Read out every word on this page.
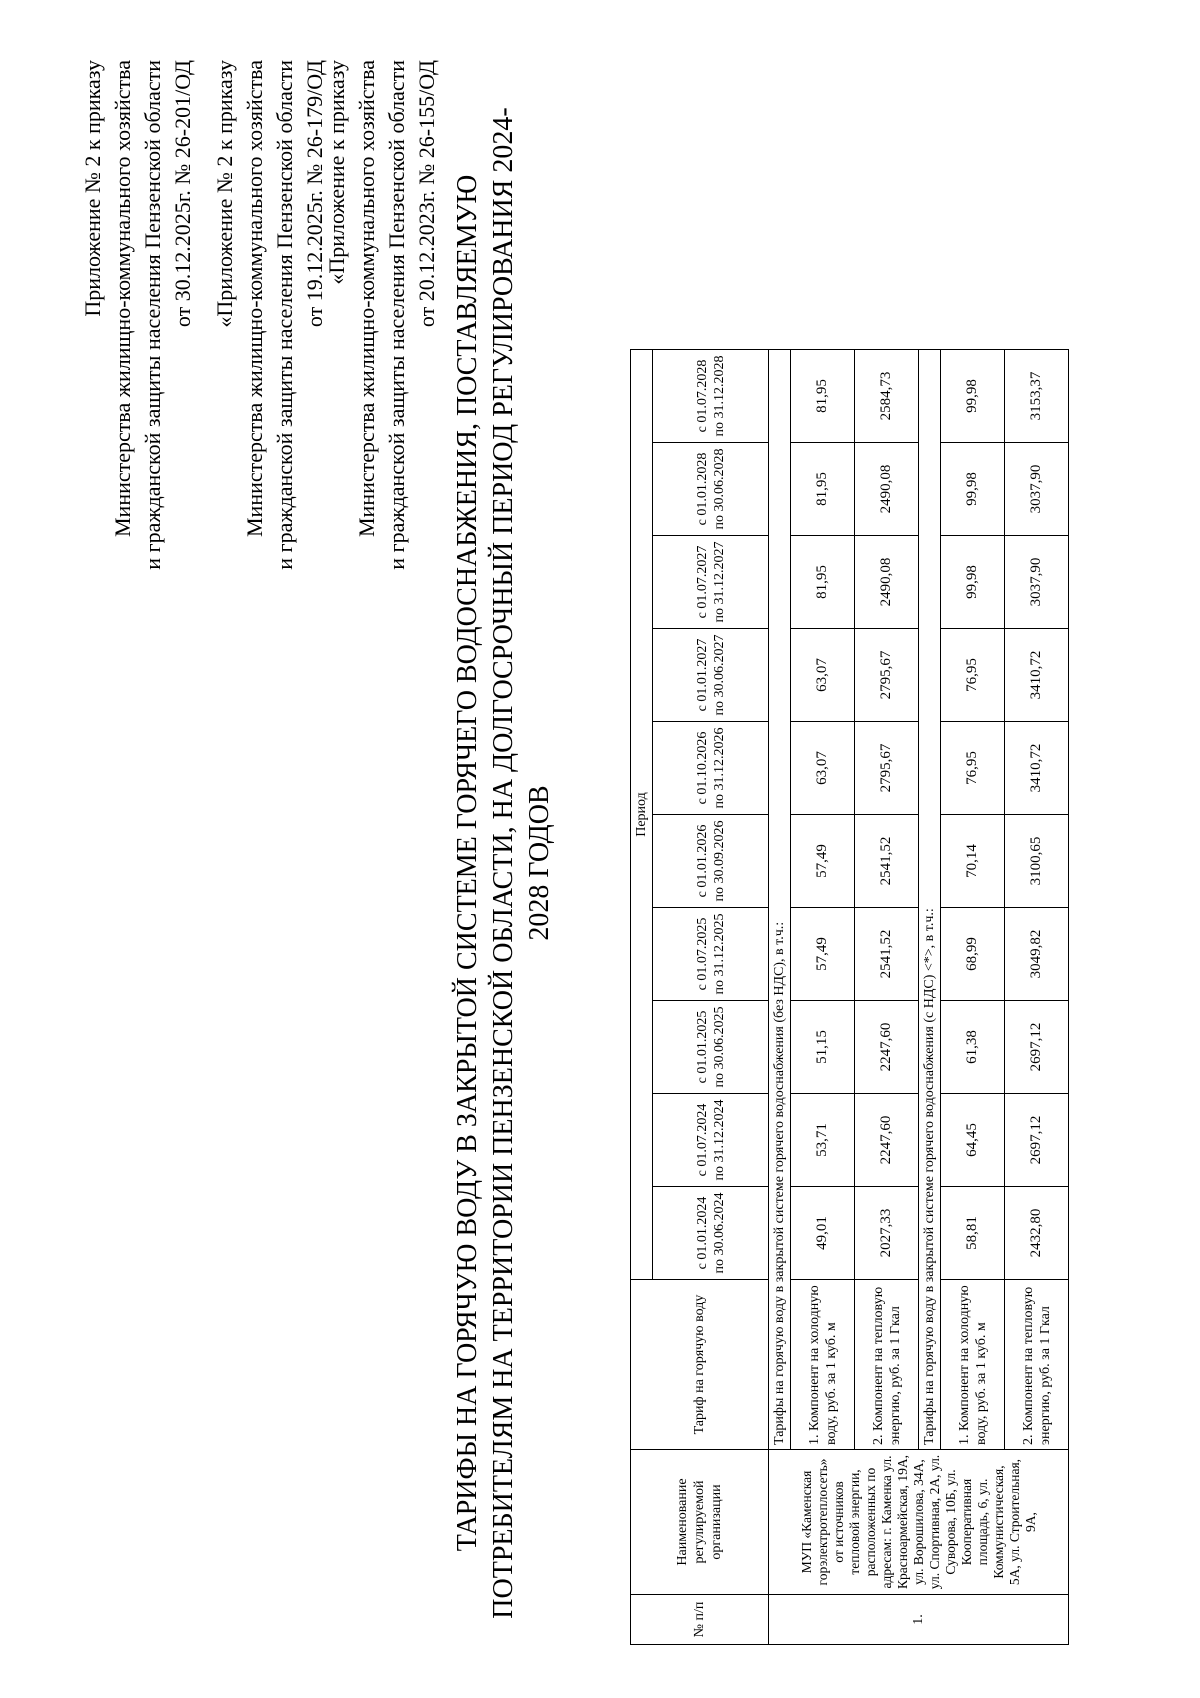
Приложение № 2 к приказу Министерства жилищно-коммунального хозяйства и гражданской защиты населения Пензенской области от 30.12.2025г. № 26-201/ОД «Приложение № 2 к приказу Министерства жилищно-коммунального хозяйства и гражданской защиты населения Пензенской области от 19.12.2025г. № 26-179/ОД
«Приложение к приказу Министерства жилищно-коммунального хозяйства и гражданской защиты населения Пензенской области от 20.12.2023г. № 26-155/ОД ТАРИФЫ НА ГОРЯЧУЮ ВОДУ В ЗАКРЫТОЙ СИСТЕМЕ ГОРЯЧЕГО ВОДОСНАБЖЕНИЯ, ПОСТАВЛЯЕМУЮ ПОТРЕБИТЕЛЯМ НА ТЕРРИТОРИИ ПЕНЗЕНСКОЙ ОБЛАСТИ, НА ДОЛГОСРОЧНЫЙ ПЕРИОД РЕГУЛИРОВАНИЯ 2024- 2028 ГОДОВ
№ п/п	Наименование регулируемой организации	Тариф на горячую воду	Период									
			с 01.01.2024 по 30.06.2024	с 01.07.2024 по 31.12.2024	с 01.01.2025 по 30.06.2025	с 01.07.2025 по 31.12.2025	с 01.01.2026 по 30.09.2026	с 01.10.2026 по 31.12.2026	с 01.01.2027 по 30.06.2027	с 01.07.2027 по 31.12.2027	с 01.01.2028 по 30.06.2028	с 01.07.2028 по 31.12.2028
1.	МУП «Каменская горэлектротеплосеть» от источников тепловой энергии, расположенных по адресам: г. Каменка ул. Красноармейская, 19А, ул. Ворошилова, 34А, ул. Спортивная, 2А, ул. Суворова, 10Б, ул. Кооперативная площадь, 6, ул. Коммунистическая, 5А, ул. Строительная, 9А,	Тарифы на горячую воду в закрытой системе горячего водоснабжения (без НДС), в т.ч.:										
		1. Компонент на холодную воду, руб. за 1 куб. м	49,01	53,71	51,15	57,49	57,49	63,07	63,07	81,95	81,95	81,95
		2. Компонент на тепловую энергию, руб. за 1 Гкал	2027,33	2247,60	2247,60	2541,52	2541,52	2795,67	2795,67	2490,08	2490,08	2584,73
		Тарифы на горячую воду в закрытой системе горячего водоснабжения (с НДС) <*>, в т.ч.:										
		1. Компонент на холодную воду, руб. за 1 куб. м	58,81	64,45	61,38	68,99	70,14	76,95	76,95	99,98	99,98	99,98
		2. Компонент на тепловую энергию, руб. за 1 Гкал	2432,80	2697,12	2697,12	3049,82	3100,65	3410,72	3410,72	3037,90	3037,90	3153,37
